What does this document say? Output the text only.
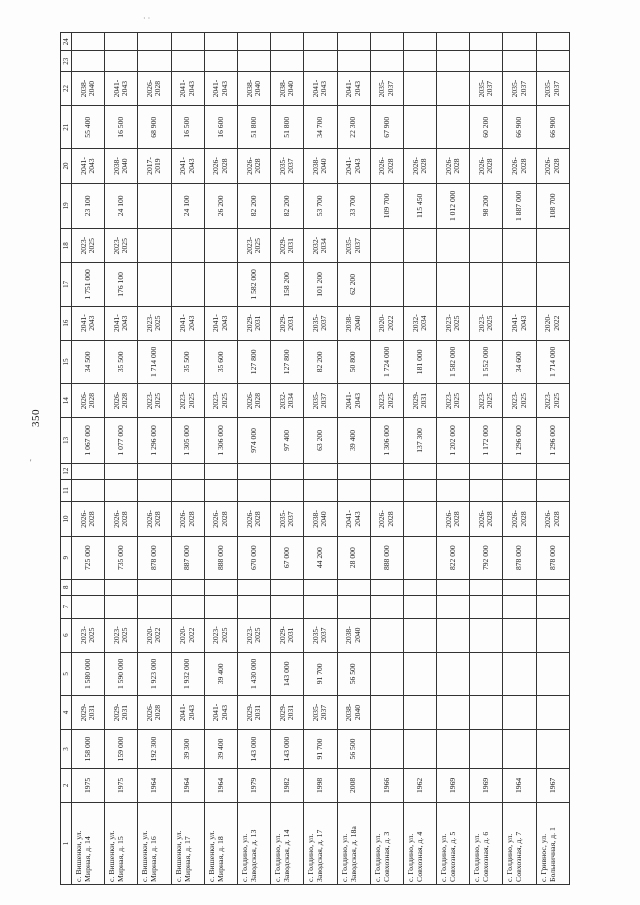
350
'
· ·
1	2	3	4	5	6	7	8	9	10	11	12	13	14	15	16	17	18	19	20	21	22	23	24
с. Вишенки, ул. Мирная, д. 14	1975	158 000	2029-2031	1 580 000	2023-2025			725 000	2026-2028			1 067 000	2026-2028	34 500	2041-2043	1 751 000	2023-2025	23 100	2041-2043	55 400	2038-2040		
с. Вишенки, ул. Мирная, д. 15	1975	159 000	2029-2031	1 590 000	2023-2025			735 000	2026-2028			1 077 000	2026-2028	35 500	2041-2043	176 100	2023-2025	24 100	2038-2040	16 500	2041-2043		
с. Вишенки, ул. Мирная, д. 16	1964	192 300	2026-2028	1 923 000	2020-2022			878 000	2026-2028			1 296 000	2023-2025	1 714 000	2023-2025				2017-2019	68 900	2026-2028		
с. Вишенки, ул. Мирная, д. 17	1964	39 300	2041-2043	1 932 000	2020-2022			887 000	2026-2028			1 305 000	2023-2025	35 500	2041-2043			24 100	2041-2043	16 500	2041-2043		
с. Вишенки, ул. Мирная, д. 18	1964	39 400	2041-2043	39 400	2023-2025			888 000	2026-2028			1 306 000	2023-2025	35 600	2041-2043			26 200	2026-2028	16 600	2041-2043		
с. Голдино, ул. Заводская, д. 13	1979	143 000	2029-2031	1 430 000	2023-2025			670 000	2026-2028			974 000	2026-2028	127 800	2029-2031	1 582 000	2023-2025	82 200	2026-2028	51 800	2038-2040		
с. Голдино, ул. Заводская, д. 14	1982	143 000	2029-2031	143 000	2029-2031			67 000	2035-2037			97 400	2032-2034	127 800	2029-2031	158 200	2029-2031	82 200	2035-2037	51 800	2038-2040		
с. Голдино, ул. Заводская, д. 17	1998	91 700	2035-2037	91 700	2035-2037			44 200	2038-2040			63 200	2035-2037	82 200	2035-2037	101 200	2032-2034	53 700	2038-2040	34 700	2041-2043		
с. Голдино, ул. Заводская, д. 18а	2008	56 500	2038-2040	56 500	2038-2040			28 000	2041-2043			39 400	2041-2043	50 800	2038-2040	62 200	2035-2037	33 700	2041-2043	22 300	2041-2043		
с. Голдино, ул. Совхозная, д. 3	1966							888 000	2026-2028			1 306 000	2023-2025	1 724 000	2020-2022			109 700	2026-2028	67 900	2035-2037		
с. Голдино, ул. Совхозная, д. 4	1962											137 300	2029-2031	181 000	2032-2034			115 450	2026-2028				
с. Голдино, ул. Совхозная, д. 5	1969							822 000	2026-2028			1 202 000	2023-2025	1 582 000	2023-2025			1 012 000	2026-2028				
с. Голдино, ул. Совхозная, д. 6	1969							792 000	2026-2028			1 172 000	2023-2025	1 552 000	2023-2025			98 200	2026-2028	60 200	2035-2037		
с. Голдино, ул. Совхозная, д. 7	1964							878 000	2026-2028			1 296 000	2023-2025	34 600	2041-2043			1 887 000	2026-2028	66 900	2035-2037		
с. Гривнос, ул. Больничная, д. 1	1967							878 000	2026-2028			1 296 000	2023-2025	1 714 000	2020-2022			108 700	2026-2028	66 900	2035-2037		
